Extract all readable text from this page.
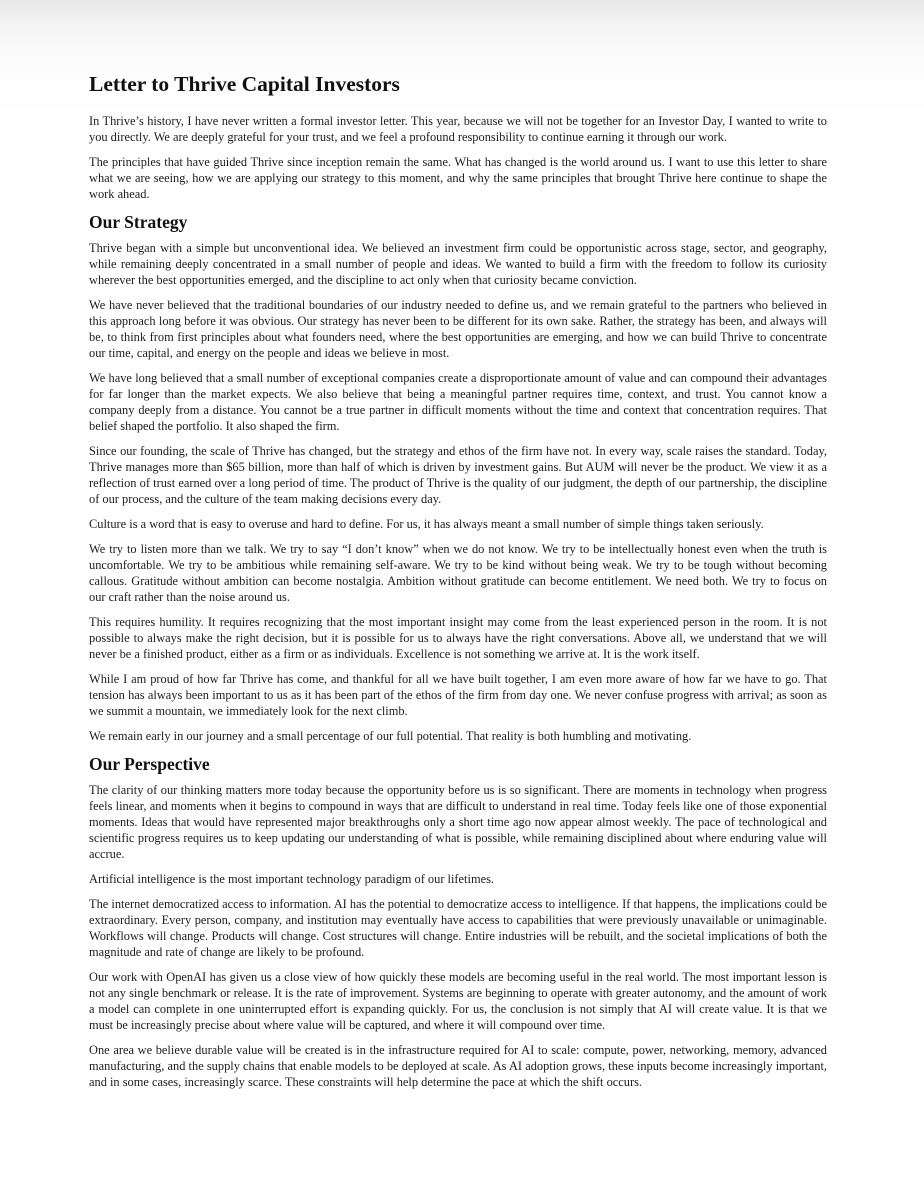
Letter to Thrive Capital Investors

In Thrive’s history, I have never written a formal investor letter. This year, because we will not be together for an Investor Day, I wanted to write to you directly. We are deeply grateful for your trust, and we feel a profound responsibility to continue earning it through our work.

The principles that have guided Thrive since inception remain the same. What has changed is the world around us. I want to use this letter to share what we are seeing, how we are applying our strategy to this moment, and why the same principles that brought Thrive here continue to shape the work ahead.

Our Strategy

Thrive began with a simple but unconventional idea. We believed an investment firm could be opportunistic across stage, sector, and geography, while remaining deeply concentrated in a small number of people and ideas. We wanted to build a firm with the freedom to follow its curiosity wherever the best opportunities emerged, and the discipline to act only when that curiosity became conviction.

We have never believed that the traditional boundaries of our industry needed to define us, and we remain grateful to the partners who believed in this approach long before it was obvious. Our strategy has never been to be different for its own sake. Rather, the strategy has been, and always will be, to think from first principles about what founders need, where the best opportunities are emerging, and how we can build Thrive to concentrate our time, capital, and energy on the people and ideas we believe in most.

We have long believed that a small number of exceptional companies create a disproportionate amount of value and can compound their advantages for far longer than the market expects. We also believe that being a meaningful partner requires time, context, and trust. You cannot know a company deeply from a distance. You cannot be a true partner in difficult moments without the time and context that concentration requires. That belief shaped the portfolio. It also shaped the firm.

Since our founding, the scale of Thrive has changed, but the strategy and ethos of the firm have not. In every way, scale raises the standard. Today, Thrive manages more than $65 billion, more than half of which is driven by investment gains. But AUM will never be the product. We view it as a reflection of trust earned over a long period of time. The product of Thrive is the quality of our judgment, the depth of our partnership, the discipline of our process, and the culture of the team making decisions every day.

Culture is a word that is easy to overuse and hard to define. For us, it has always meant a small number of simple things taken seriously.

We try to listen more than we talk. We try to say “I don’t know” when we do not know. We try to be intellectually honest even when the truth is uncomfortable. We try to be ambitious while remaining self-aware. We try to be kind without being weak. We try to be tough without becoming callous. Gratitude without ambition can become nostalgia. Ambition without gratitude can become entitlement. We need both. We try to focus on our craft rather than the noise around us.

This requires humility. It requires recognizing that the most important insight may come from the least experienced person in the room. It is not possible to always make the right decision, but it is possible for us to always have the right conversations. Above all, we understand that we will never be a finished product, either as a firm or as individuals. Excellence is not something we arrive at. It is the work itself.

While I am proud of how far Thrive has come, and thankful for all we have built together, I am even more aware of how far we have to go. That tension has always been important to us as it has been part of the ethos of the firm from day one. We never confuse progress with arrival; as soon as we summit a mountain, we immediately look for the next climb.

We remain early in our journey and a small percentage of our full potential. That reality is both humbling and motivating.

Our Perspective

The clarity of our thinking matters more today because the opportunity before us is so significant. There are moments in technology when progress feels linear, and moments when it begins to compound in ways that are difficult to understand in real time. Today feels like one of those exponential moments. Ideas that would have represented major breakthroughs only a short time ago now appear almost weekly. The pace of technological and scientific progress requires us to keep updating our understanding of what is possible, while remaining disciplined about where enduring value will accrue.

Artificial intelligence is the most important technology paradigm of our lifetimes.

The internet democratized access to information. AI has the potential to democratize access to intelligence. If that happens, the implications could be extraordinary. Every person, company, and institution may eventually have access to capabilities that were previously unavailable or unimaginable. Workflows will change. Products will change. Cost structures will change. Entire industries will be rebuilt, and the societal implications of both the magnitude and rate of change are likely to be profound.

Our work with OpenAI has given us a close view of how quickly these models are becoming useful in the real world. The most important lesson is not any single benchmark or release. It is the rate of improvement. Systems are beginning to operate with greater autonomy, and the amount of work a model can complete in one uninterrupted effort is expanding quickly. For us, the conclusion is not simply that AI will create value. It is that we must be increasingly precise about where value will be captured, and where it will compound over time.

One area we believe durable value will be created is in the infrastructure required for AI to scale: compute, power, networking, memory, advanced manufacturing, and the supply chains that enable models to be deployed at scale. As AI adoption grows, these inputs become increasingly important, and in some cases, increasingly scarce. These constraints will help determine the pace at which the shift occurs.
